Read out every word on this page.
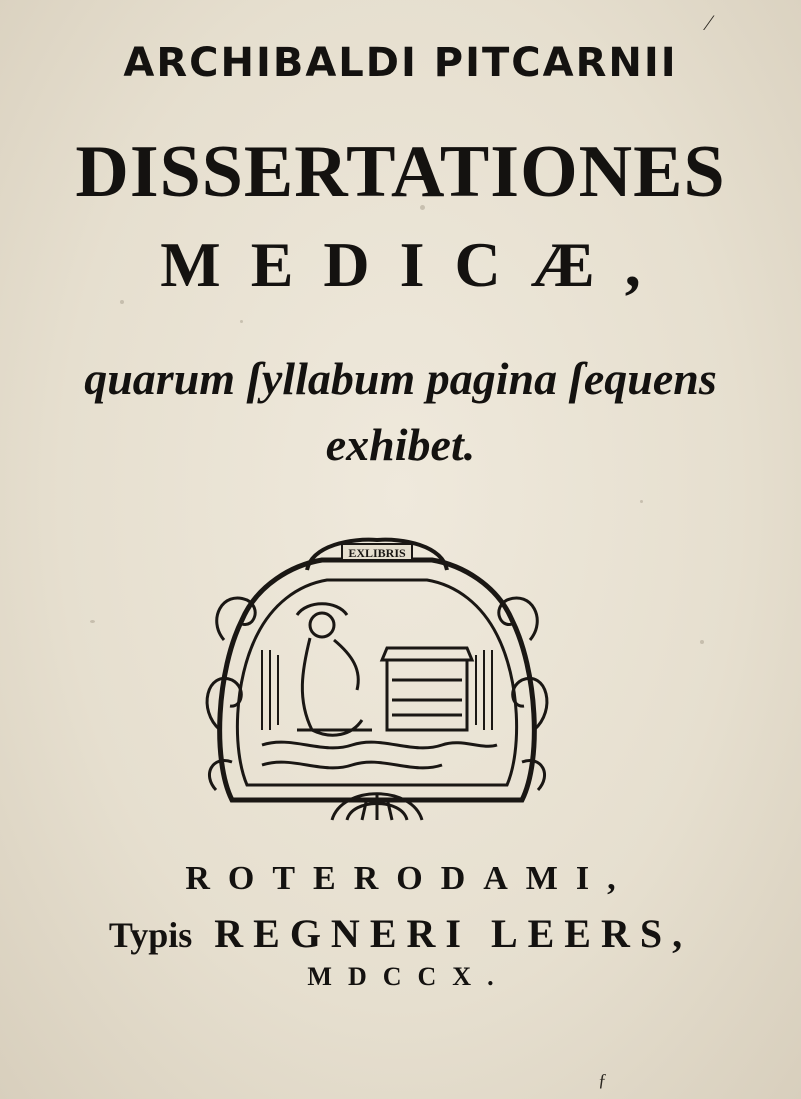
⁄
ƒ
ARCHIBALDI PITCARNII
DISSERTATIONES
MEDICÆ,
quarum ſyllabum pagina ſequens
exhibet.
EXLIBRIS
ROTERODAMI,
Typis REGNERI LEERS,
MDCCX.
